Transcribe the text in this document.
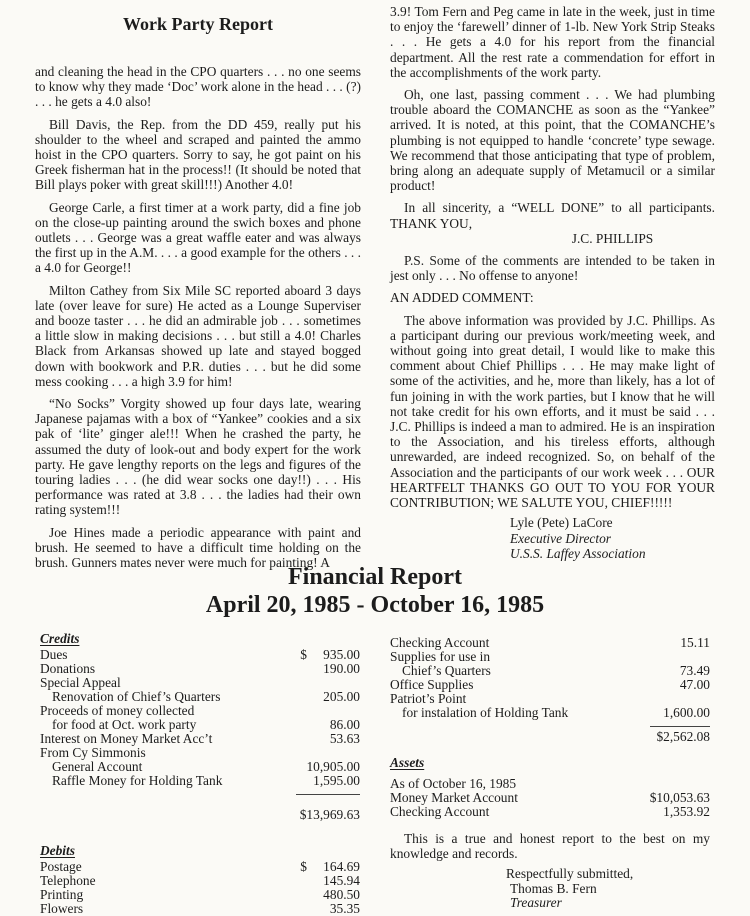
Work Party Report

and cleaning the head in the CPO quarters . . . no one seems to know why they made ‘Doc’ work alone in the head . . . (?) . . . he gets a 4.0 also!

Bill Davis, the Rep. from the DD 459, really put his shoulder to the wheel and scraped and painted the ammo hoist in the CPO quarters. Sorry to say, he got paint on his Greek fisherman hat in the process!! (It should be noted that Bill plays poker with great skill!!!) Another 4.0!

George Carle, a first timer at a work party, did a fine job on the close-up painting around the swich boxes and phone outlets . . . George was a great waffle eater and was always the first up in the A.M. . . . a good example for the others . . . a 4.0 for George!!

Milton Cathey from Six Mile SC reported aboard 3 days late (over leave for sure) He acted as a Lounge Superviser and booze taster . . . he did an admirable job . . . sometimes a little slow in making decisions . . . but still a 4.0! Charles Black from Arkansas showed up late and stayed bogged down with bookwork and P.R. duties . . . but he did some mess cooking . . . a high 3.9 for him!

“No Socks” Vorgity showed up four days late, wearing Japanese pajamas with a box of “Yankee” cookies and a six pak of ‘lite’ ginger ale!!! When he crashed the party, he assumed the duty of look-out and body expert for the work party. He gave lengthy reports on the legs and figures of the touring ladies . . . (he did wear socks one day!!) . . . His performance was rated at 3.8 . . . the ladies had their own rating system!!!

Joe Hines made a periodic appearance with paint and brush. He seemed to have a difficult time holding on the brush. Gunners mates never were much for painting! A

3.9! Tom Fern and Peg came in late in the week, just in time to enjoy the ‘farewell’ dinner of 1-lb. New York Strip Steaks . . . He gets a 4.0 for his report from the financial department. All the rest rate a commendation for effort in the accomplishments of the work party.

Oh, one last, passing comment . . . We had plumbing trouble aboard the COMANCHE as soon as the “Yankee” arrived. It is noted, at this point, that the COMANCHE’s plumbing is not equipped to handle ‘concrete’ type sewage. We recommend that those anticipating that type of problem, bring along an adequate supply of Metamucil or a similar product!

In all sincerity, a “WELL DONE” to all participants. THANK YOU,

J.C. PHILLIPS

P.S. Some of the comments are intended to be taken in jest only . . . No offense to anyone!

AN ADDED COMMENT:

The above information was provided by J.C. Phillips. As a participant during our previous work/meeting week, and without going into great detail, I would like to make this comment about Chief Phillips . . . He may make light of some of the activities, and he, more than likely, has a lot of fun joining in with the work parties, but I know that he will not take credit for his own efforts, and it must be said . . . J.C. Phillips is indeed a man to admired. He is an inspiration to the Association, and his tireless efforts, although unrewarded, are indeed recognized. So, on behalf of the Association and the participants of our work week . . . OUR HEARTFELT THANKS GO OUT TO YOU FOR YOUR CONTRIBUTION; WE SALUTE YOU, CHIEF!!!!!

Lyle (Pete) LaCore
Executive Director
U.S.S. Laffey Association
Financial Report
April 20, 1985 - October 16, 1985
Credits
Dues	$ 935.00
Donations	190.00
Special Appeal
Renovation of Chief’s Quarters	205.00
Proceeds of money collected
for food at Oct. work party	86.00
Interest on Money Market Acc’t	53.63
From Cy Simmonis
General Account	10,905.00
Raffle Money for Holding Tank	1,595.00
$13,969.63
Debits
Postage	$ 164.69
Telephone	145.94
Printing	480.50
Flowers	35.35
Checking Account	15.11
Supplies for use in
Chief’s Quarters	73.49
Office Supplies	47.00
Patriot’s Point
for instalation of Holding Tank	1,600.00
$2,562.08
Assets
As of October 16, 1985
Money Market Account	$10,053.63
Checking Account	1,353.92
This is a true and honest report to the best on my knowledge and records.
Respectfully submitted,
Thomas B. Fern
Treasurer
